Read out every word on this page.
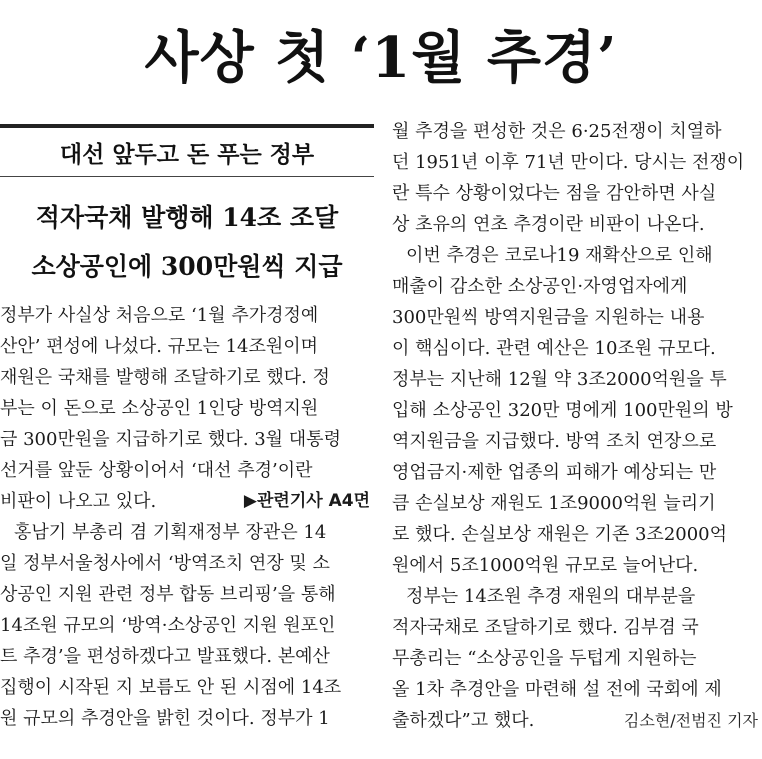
사상 첫 ‘1월 추경’
대선 앞두고 돈 푸는 정부
적자국채 발행해 14조 조달
소상공인에 300만원씩 지급
정부가 사실상 처음으로 ‘1월 추가경정예
산안’ 편성에 나섰다. 규모는 14조원이며
재원은 국채를 발행해 조달하기로 했다. 정
부는 이 돈으로 소상공인 1인당 방역지원
금 300만원을 지급하기로 했다. 3월 대통령
선거를 앞둔 상황이어서 ‘대선 추경’이란
비판이 나오고 있다.	▶관련기사 A4면
홍남기 부총리 겸 기획재정부 장관은 14
일 정부서울청사에서 ‘방역조치 연장 및 소
상공인 지원 관련 정부 합동 브리핑’을 통해
14조원 규모의 ‘방역·소상공인 지원 원포인
트 추경’을 편성하겠다고 발표했다. 본예산
집행이 시작된 지 보름도 안 된 시점에 14조
원 규모의 추경안을 밝힌 것이다. 정부가 1
월 추경을 편성한 것은 6·25전쟁이 치열하
던 1951년 이후 71년 만이다. 당시는 전쟁이
란 특수 상황이었다는 점을 감안하면 사실
상 초유의 연초 추경이란 비판이 나온다.
이번 추경은 코로나19 재확산으로 인해
매출이 감소한 소상공인·자영업자에게
300만원씩 방역지원금을 지원하는 내용
이 핵심이다. 관련 예산은 10조원 규모다.
정부는 지난해 12월 약 3조2000억원을 투
입해 소상공인 320만 명에게 100만원의 방
역지원금을 지급했다. 방역 조치 연장으로
영업금지·제한 업종의 피해가 예상되는 만
큼 손실보상 재원도 1조9000억원 늘리기
로 했다. 손실보상 재원은 기존 3조2000억
원에서 5조1000억원 규모로 늘어난다.
정부는 14조원 추경 재원의 대부분을
적자국채로 조달하기로 했다. 김부겸 국
무총리는 “소상공인을 두텁게 지원하는
올 1차 추경안을 마련해 설 전에 국회에 제
출하겠다”고 했다.	김소현/전범진 기자
